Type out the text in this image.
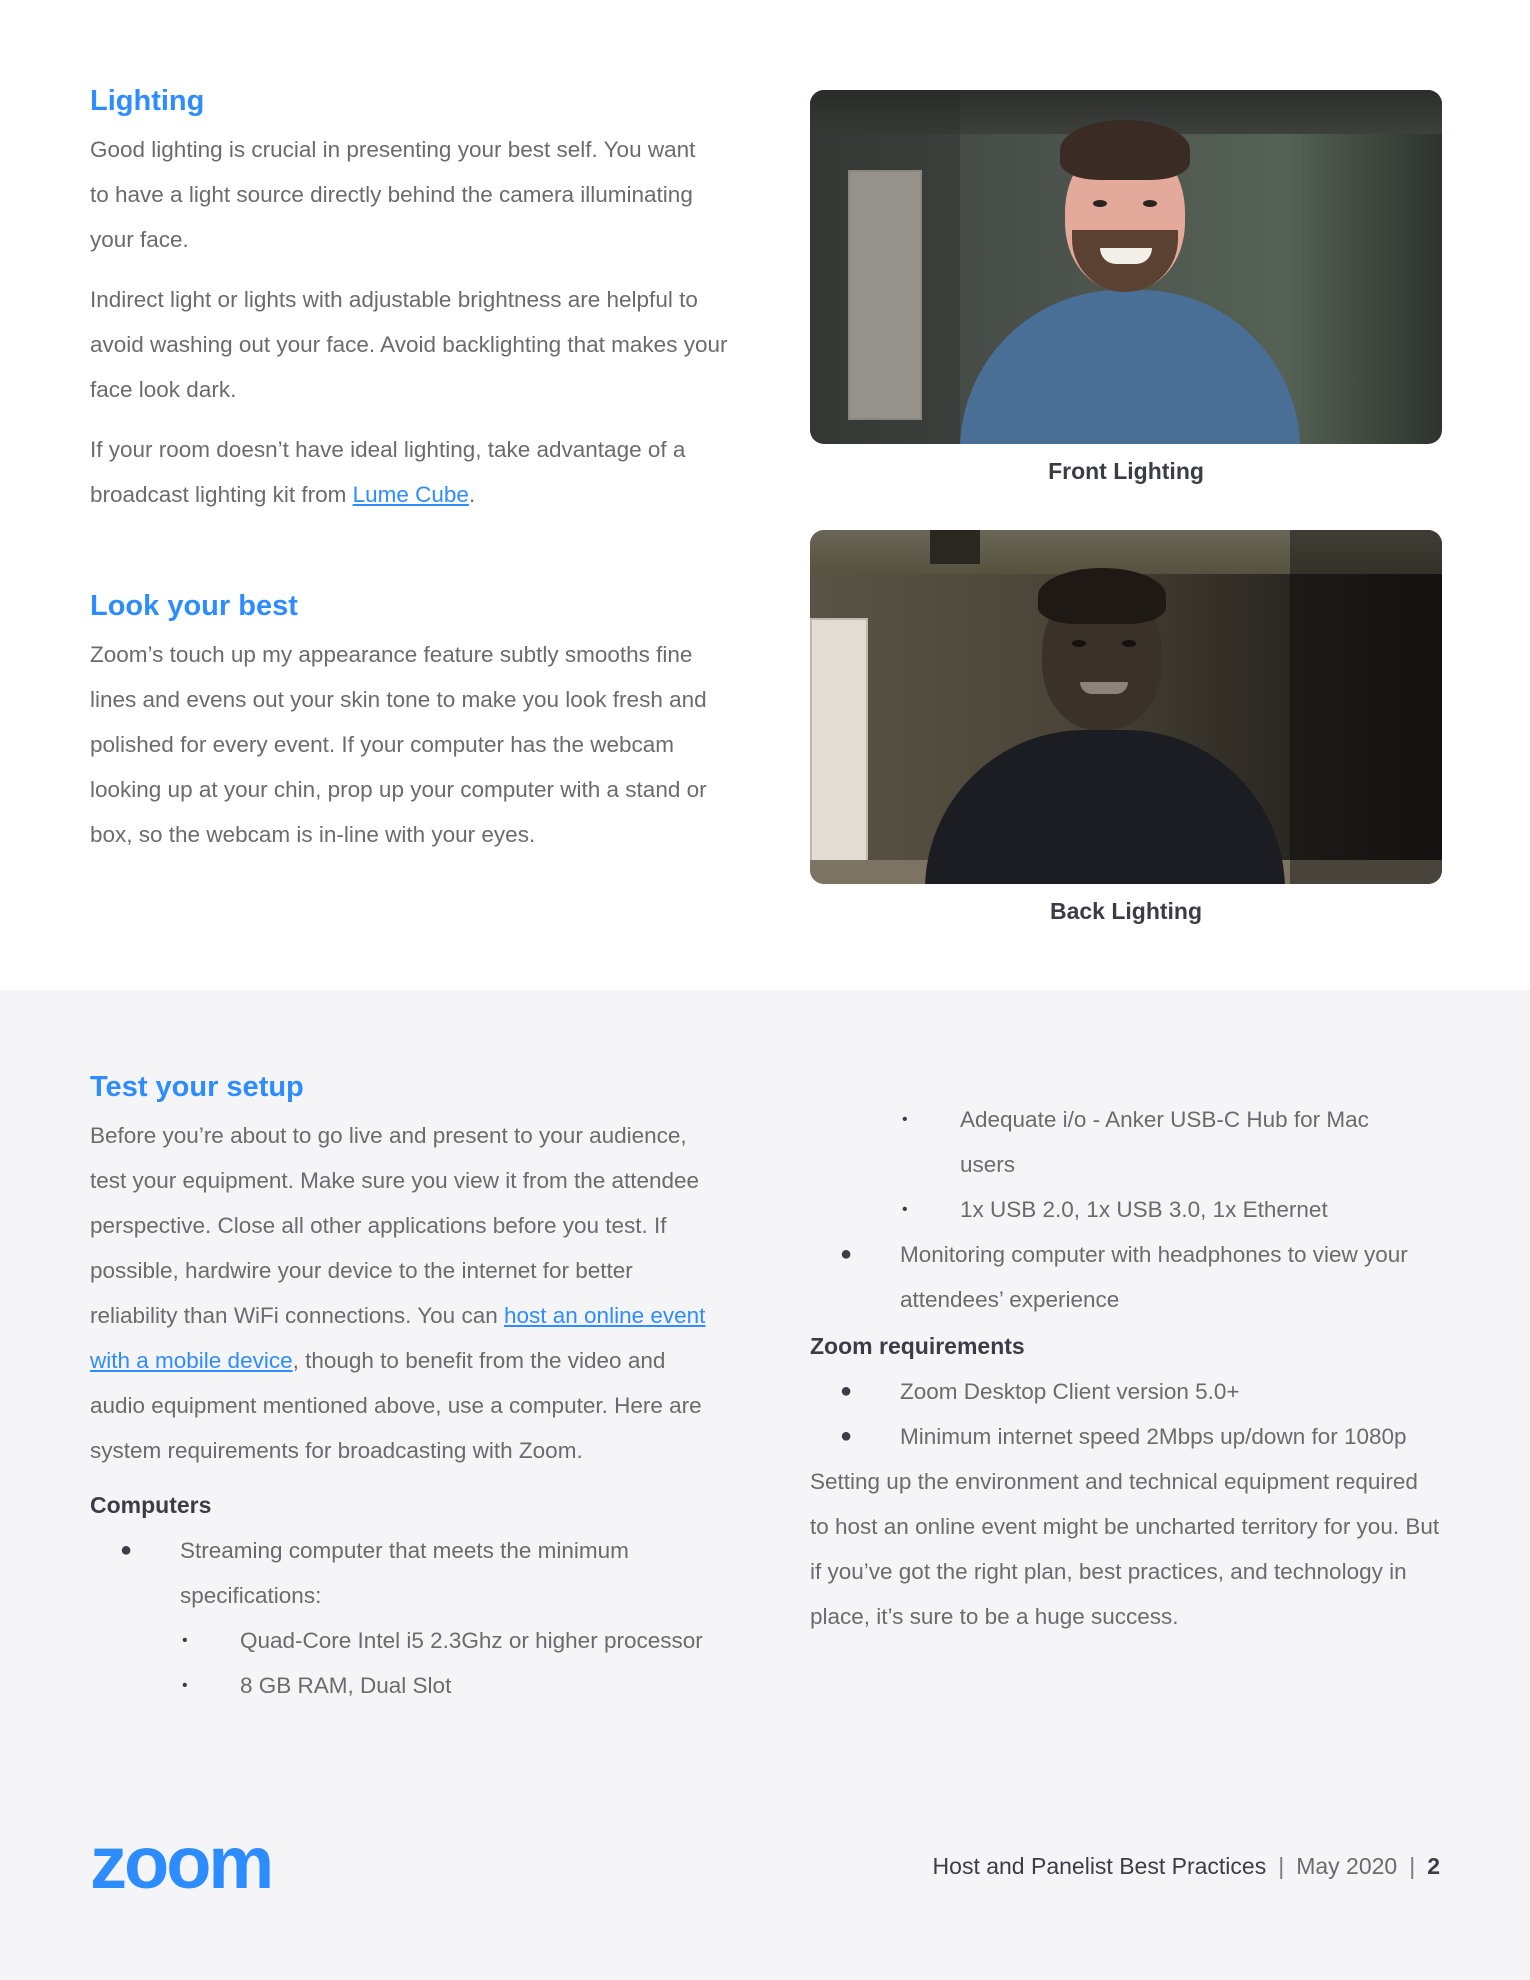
Lighting

Good lighting is crucial in presenting your best self. You want to have a light source directly behind the camera illuminating your face.

Indirect light or lights with adjustable brightness are helpful to avoid washing out your face. Avoid backlighting that makes your face look dark.

If your room doesn’t have ideal lighting, take advantage of a broadcast lighting kit from Lume Cube.

Look your best

Zoom’s touch up my appearance feature subtly smooths fine lines and evens out your skin tone to make you look fresh and polished for every event. If your computer has the webcam looking up at your chin, prop up your computer with a stand or box, so the webcam is in-line with your eyes.

Front Lighting
Back Lighting
Test your setup

Before you’re about to go live and present to your audience, test your equipment. Make sure you view it from the attendee perspective. Close all other applications before you test. If possible, hardwire your device to the internet for better reliability than WiFi connections. You can host an online event with a mobile device, though to benefit from the video and audio equipment mentioned above, use a computer. Here are system requirements for broadcasting with Zoom.

Computers
● Streaming computer that meets the minimum specifications:
• Quad-Core Intel i5 2.3Ghz or higher processor
• 8 GB RAM, Dual Slot
• Adequate i/o - Anker USB-C Hub for Mac users
• 1x USB 2.0, 1x USB 3.0, 1x Ethernet
● Monitoring computer with headphones to view your attendees’ experience
Zoom requirements
● Zoom Desktop Client version 5.0+
● Minimum internet speed 2Mbps up/down for 1080p

Setting up the environment and technical equipment required to host an online event might be uncharted territory for you. But if you’ve got the right plan, best practices, and technology in place, it’s sure to be a huge success.

zoom	Host and Panelist Best Practices | May 2020 | 2
